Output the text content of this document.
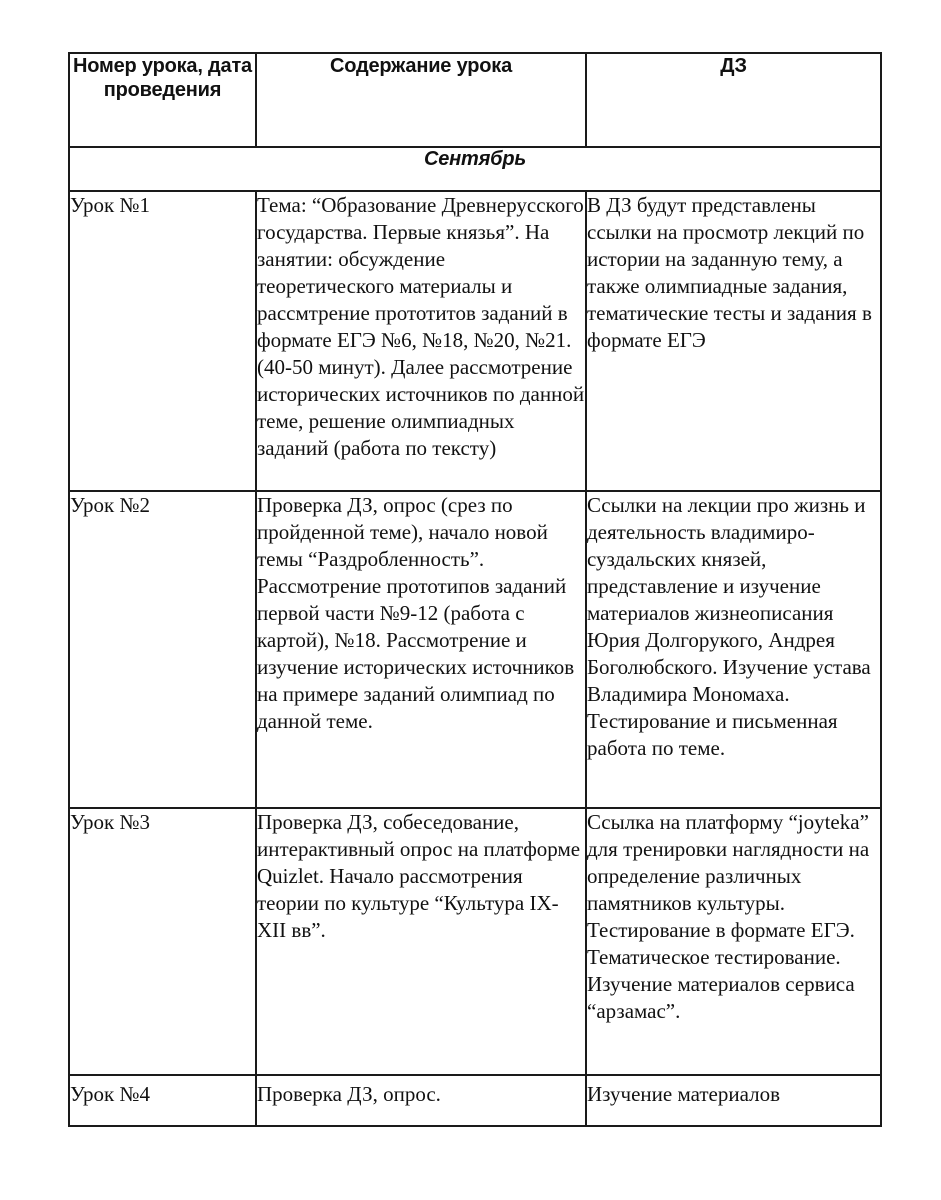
Номер урока, дата проведения	Содержание урока	ДЗ
Сентябрь		
Урок №1	Тема: “Образование Древнерусского государства. Первые князья”. На занятии: обсуждение теоретического материалы и рассмтрение прототитов заданий в формате ЕГЭ №6, №18, №20, №21. (40-50 минут). Далее рассмотрение исторических источников по данной теме, решение олимпиадных заданий (работа по тексту)	В ДЗ будут представлены ссылки на просмотр лекций по истории на заданную тему, а также олимпиадные задания, тематические тесты и задания в формате ЕГЭ
Урок №2	Проверка ДЗ, опрос (срез по пройденной теме), начало новой темы “Раздробленность”. Рассмотрение прототипов заданий первой части №9-12 (работа с картой), №18. Рассмотрение и изучение исторических источников на примере заданий олимпиад по данной теме.	Ссылки на лекции про жизнь и деятельность владимиро-суздальских князей, представление и изучение материалов жизнеописания Юрия Долгорукого, Андрея Боголюбского. Изучение устава Владимира Мономаха. Тестирование и письменная работа по теме.
Урок №3	Проверка ДЗ, собеседование, интерактивный опрос на платформе Quizlet. Начало рассмотрения теории по культуре “Культура IX-XII вв”.	Ссылка на платформу “joyteka” для тренировки наглядности на определение различных памятников культуры. Тестирование в формате ЕГЭ. Тематическое тестирование. Изучение материалов сервиса “арзамас”.
Урок №4	Проверка ДЗ, опрос.	Изучение материалов
